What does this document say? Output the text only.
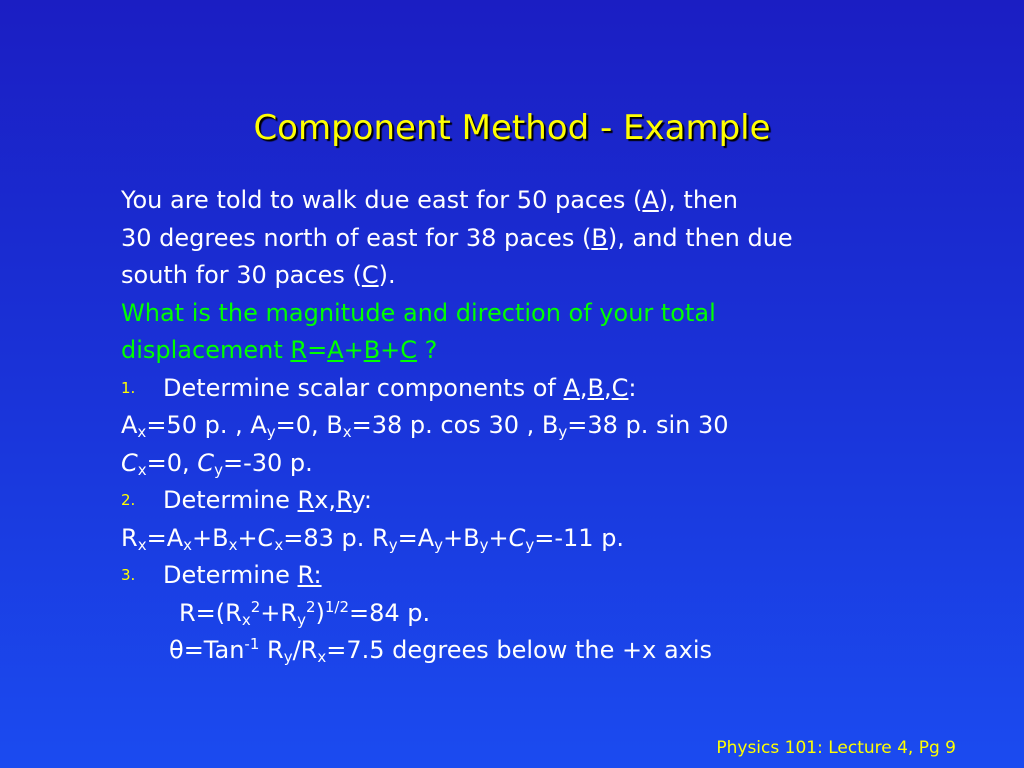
Component Method - Example
You are told to walk due east for 50 paces (A), then
30 degrees north of east for 38 paces (B), and then due
south for 30 paces (C).
What is the magnitude and direction of your total
displacement R=A+B+C ?
1. Determine scalar components of A,B,C:
$A_x=50$ p. , $A_y=0$, $B_x=38$ p. cos 30 , $B_y=38$ p. sin 30
$C_x=0$, $C_y=-30$ p.
2. Determine Rx,Ry:
$R_x=A_x+B_x+C_x=83$ p. $R_y=A_y+B_y+C_y=-11$ p.
3. Determine R:
$R=(R_x^2+R_y^2)^{1/2}=84$ p.
θ=Tan$^{-1}$ $R_y/R_x=7.5$ degrees below the +x axis
Physics 101: Lecture 4, Pg 9
